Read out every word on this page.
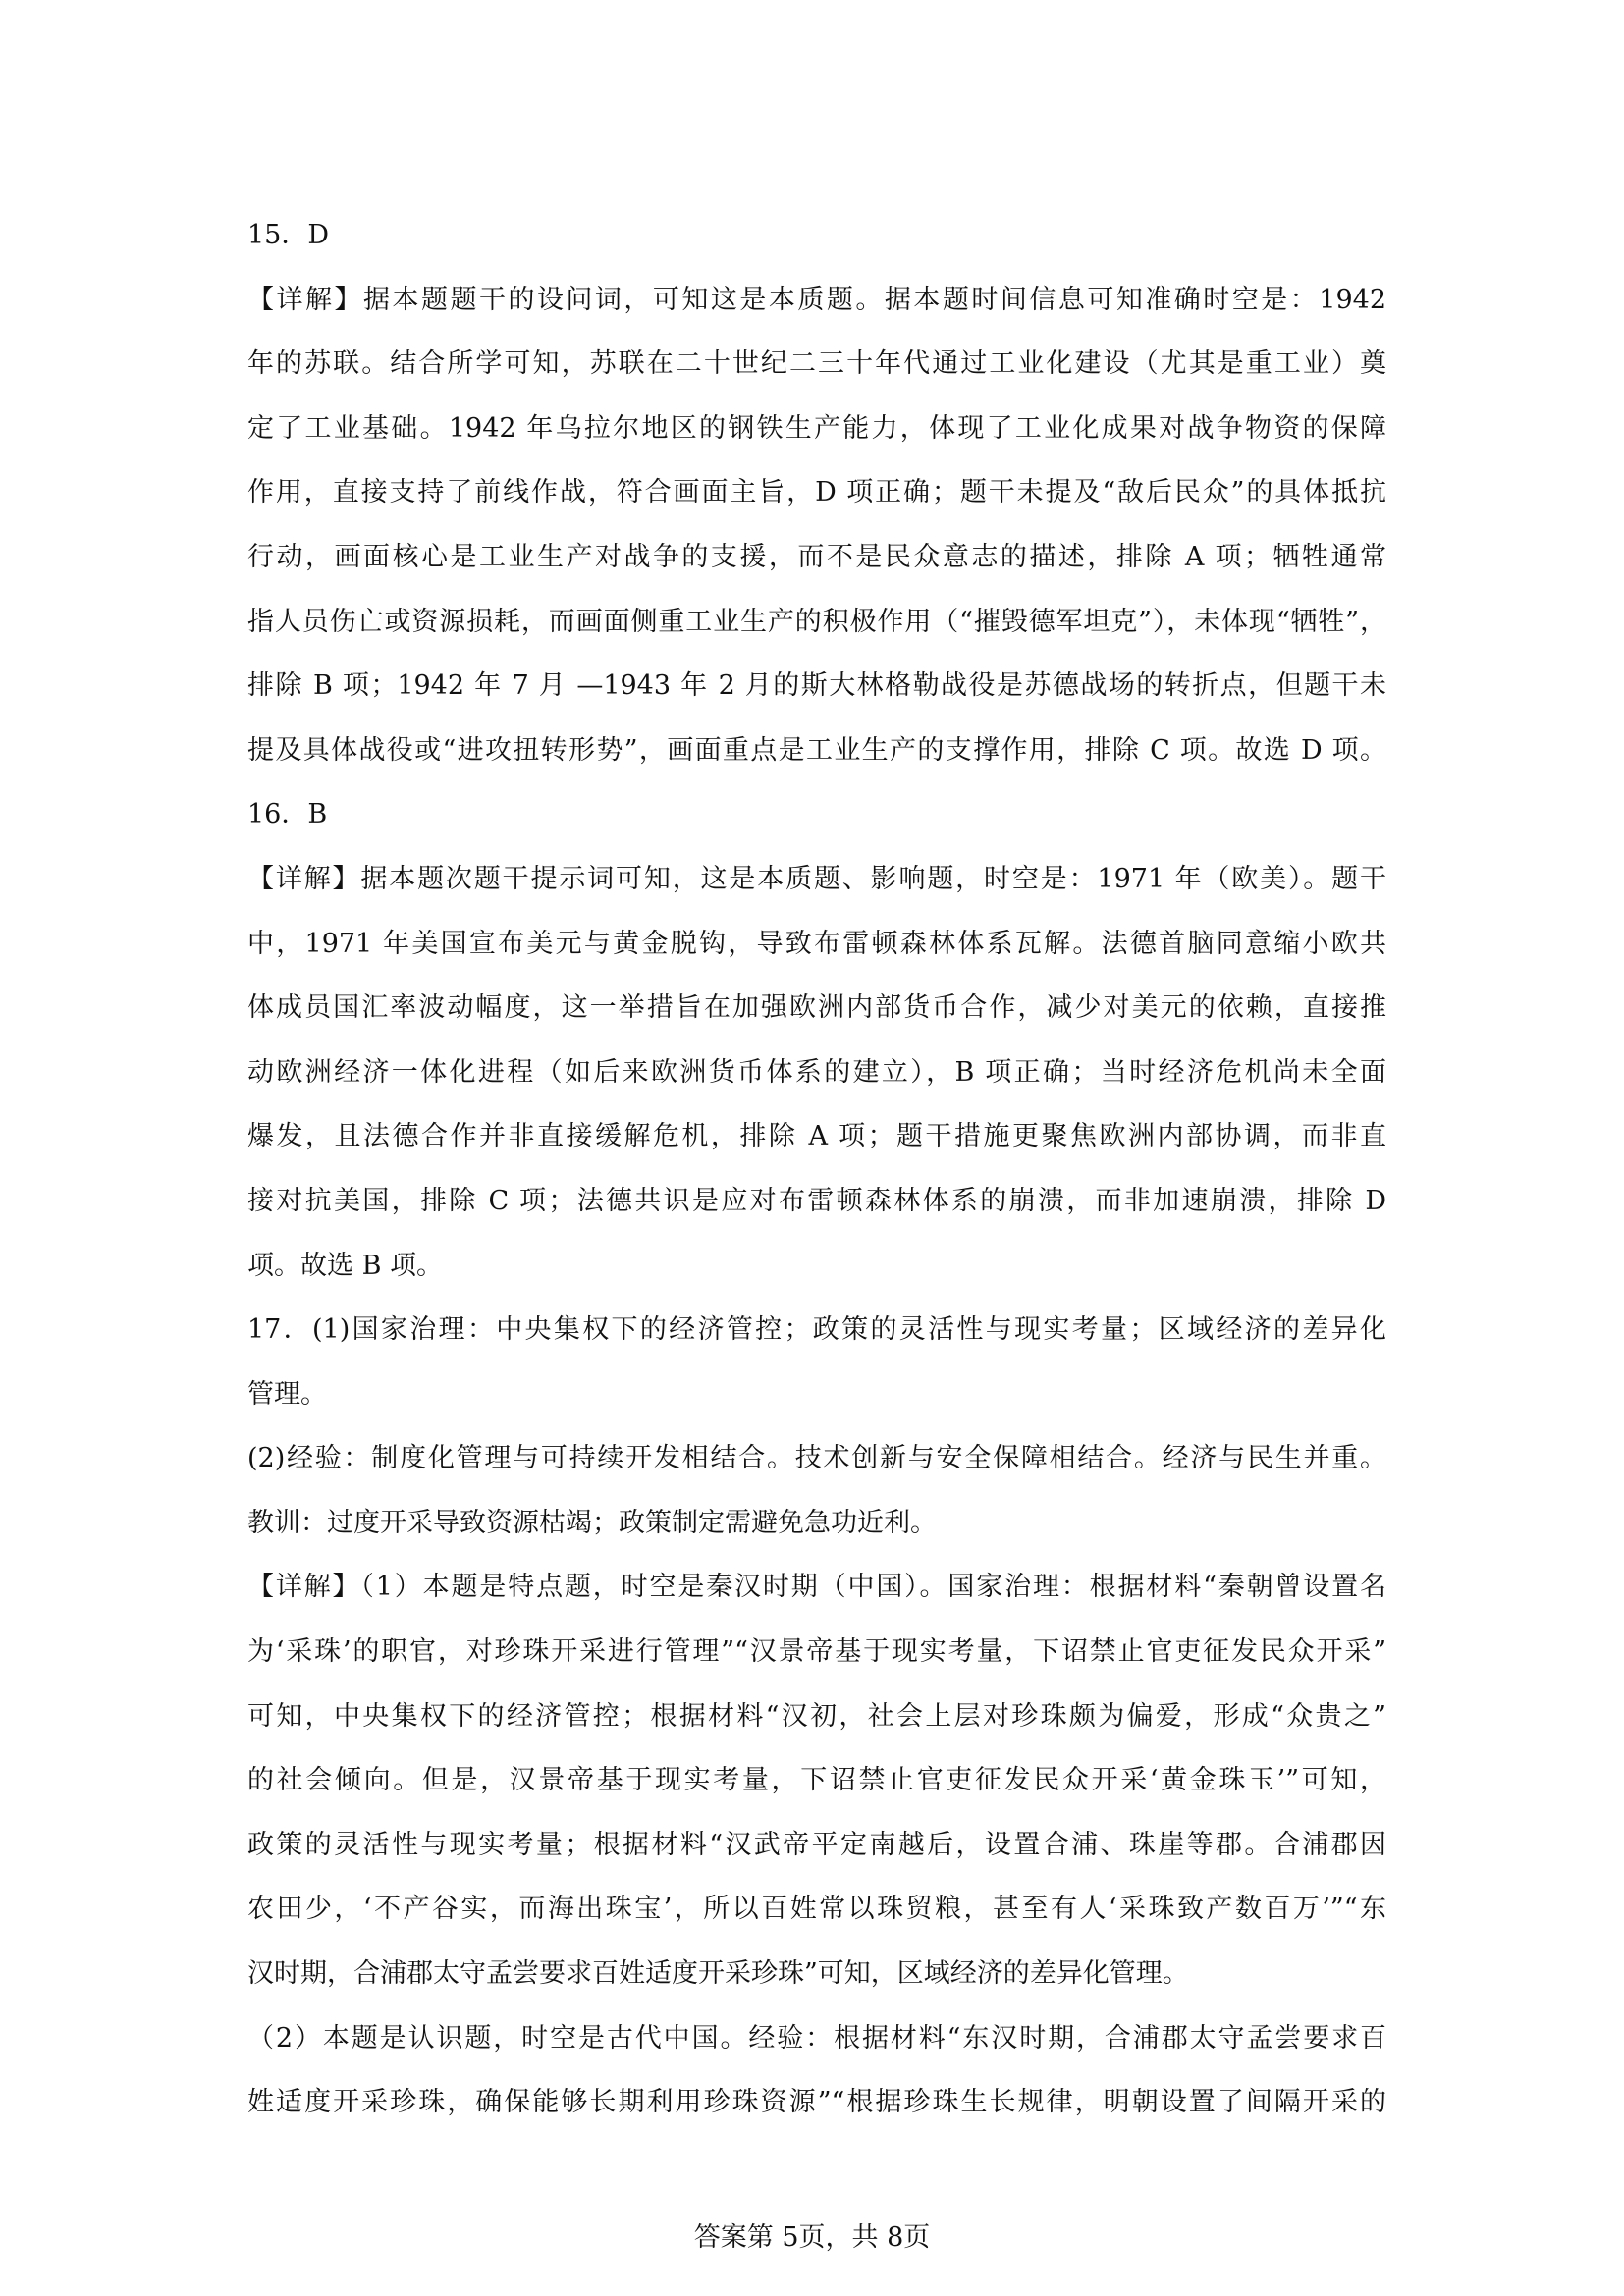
15．D
【详解】据本题题干的设问词，可知这是本质题。据本题时间信息可知准确时空是：1942
年的苏联。结合所学可知，苏联在二十世纪二三十年代通过工业化建设（尤其是重工业）奠
定了工业基础。1942 年乌拉尔地区的钢铁生产能力，体现了工业化成果对战争物资的保障
作用，直接支持了前线作战，符合画面主旨，D 项正确；题干未提及“敌后民众”的具体抵抗
行动，画面核心是工业生产对战争的支援，而不是民众意志的描述，排除 A 项；牺牲通常
指人员伤亡或资源损耗，而画面侧重工业生产的积极作用（“摧毁德军坦克”），未体现“牺牲”，
排除 B 项；1942 年 7 月 —1943 年 2 月的斯大林格勒战役是苏德战场的转折点，但题干未
提及具体战役或“进攻扭转形势”，画面重点是工业生产的支撑作用，排除 C 项。故选 D 项。
16．B
【详解】据本题次题干提示词可知，这是本质题、影响题，时空是：1971 年（欧美）。题干
中，1971 年美国宣布美元与黄金脱钩，导致布雷顿森林体系瓦解。法德首脑同意缩小欧共
体成员国汇率波动幅度，这一举措旨在加强欧洲内部货币合作，减少对美元的依赖，直接推
动欧洲经济一体化进程（如后来欧洲货币体系的建立），B 项正确；当时经济危机尚未全面
爆发，且法德合作并非直接缓解危机，排除 A 项；题干措施更聚焦欧洲内部协调，而非直
接对抗美国，排除 C 项；法德共识是应对布雷顿森林体系的崩溃，而非加速崩溃，排除 D
项。故选 B 项。
17．(1)国家治理：中央集权下的经济管控；政策的灵活性与现实考量；区域经济的差异化
管理。
(2)经验：制度化管理与可持续开发相结合。技术创新与安全保障相结合。经济与民生并重。
教训：过度开采导致资源枯竭；政策制定需避免急功近利。
【详解】（1）本题是特点题，时空是秦汉时期（中国）。国家治理：根据材料“秦朝曾设置名
为‘采珠’的职官，对珍珠开采进行管理”“汉景帝基于现实考量，下诏禁止官吏征发民众开采”
可知，中央集权下的经济管控；根据材料“汉初，社会上层对珍珠颇为偏爱，形成“众贵之”
的社会倾向。但是，汉景帝基于现实考量，下诏禁止官吏征发民众开采‘黄金珠玉’”可知，
政策的灵活性与现实考量；根据材料“汉武帝平定南越后，设置合浦、珠崖等郡。合浦郡因
农田少，‘不产谷实，而海出珠宝’，所以百姓常以珠贸粮，甚至有人‘采珠致产数百万’”“东
汉时期，合浦郡太守孟尝要求百姓适度开采珍珠”可知，区域经济的差异化管理。
（2）本题是认识题，时空是古代中国。经验：根据材料“东汉时期，合浦郡太守孟尝要求百
姓适度开采珍珠，确保能够长期利用珍珠资源”“根据珍珠生长规律，明朝设置了间隔开采的
答案第 5页，共 8页
